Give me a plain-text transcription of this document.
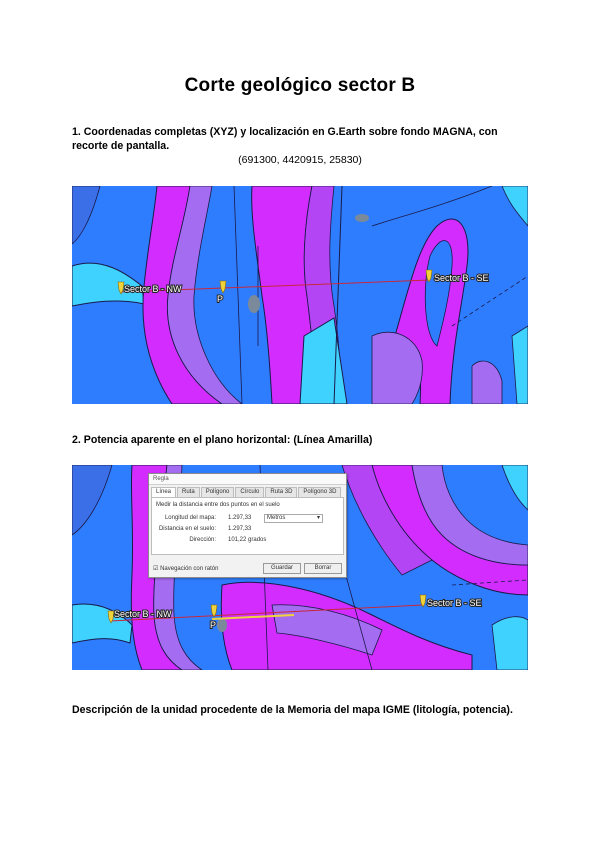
Corte geológico sector B
1. Coordenadas completas (XYZ) y localización en G.Earth sobre fondo MAGNA, con recorte de pantalla.
(691300, 4420915, 25830)
Sector B - NW
P
Sector B - SE
2. Potencia aparente en el plano horizontal: (Línea Amarilla)
Sector B - NW
P
Sector B - SE
Regla
Línea	Ruta	Polígono	Círculo	Ruta 3D	Polígono 3D
Medir la distancia entre dos puntos en el suelo
Longitud del mapa: 1.297,33	Metros	▾
Distancia en el suelo: 1.297,33
Dirección: 101,22 grados
☑ Navegación con ratón	Guardar	Borrar
Descripción de la unidad procedente de la Memoria del mapa IGME (litología, potencia).
